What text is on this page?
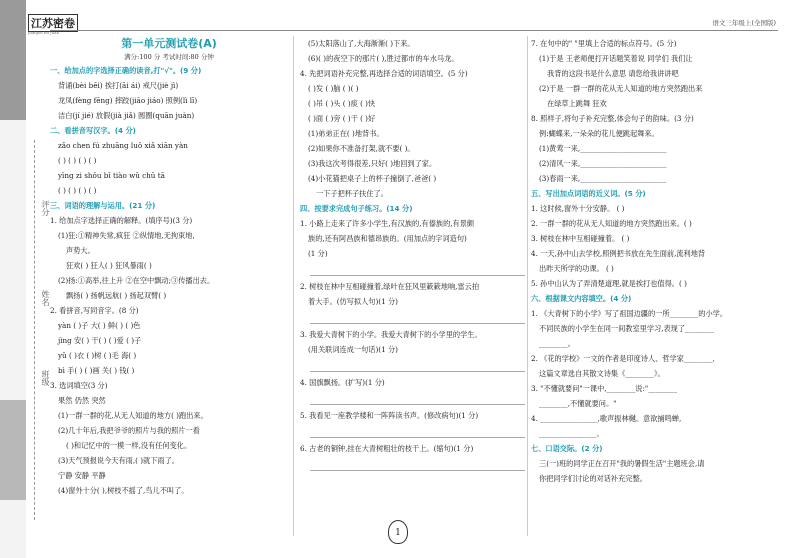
评分
姓名
班级
江苏密卷
jiangsu mi juan
语文三年级上(全国版)
第一单元测试卷(A)
满分:100 分 考试时间:80 分钟
一、给加点的字选择正确的读音,打"√"。(9 分)
背诵(bèi bēi) 挨打(āi ái) 戒尺(jiè jì)
龙凤(fèng fēng) 摔跤(jiāo jiáo) 照例(lì lī)
洁白(jí jié) 放假(jià jiǎ) 圆圈(quān juàn)
二、看拼音写汉字。(4 分)
zǎo chen fú zhuāng luǒ xiǎ xiān yàn
( ) ( ) ( ) ( )
yīng zi shǒu bǐ tiào wǔ chū tā
( ) ( ) ( ) ( )
三、词语的理解与运用。(21 分)
1. 给加点字选择正确的解释。(填序号)(3 分)
(1)狂:①精神失常,疯狂 ②纵情地,无拘束地,
声势大。
狂欢( ) 狂人( ) 狂风暴雨( )
(2)扬:①高举,往上升 ②在空中飘动;③传播出去。
飘扬( ) 扬帆远航( ) 扬起双臂( )
2. 看拼音,写同音字。(8 分)
yàn ( )子 大( ) 鲜( ) ( )色
jìng 安( ) 干( ) ( )爱 ( )子
yǔ ( )衣 ( )树 ( )毛 海( )
bì 手( ) ( )画 关( ) 钱( )
3. 选词填空(3 分)
果然 仍然 突然
(1)一群一群的花,从无人知道的地方( )跑出来。
(2)几十年后,我把爷爷的照片与我的照片一看
( )和记忆中的一模一样,没有任何变化。
(3)天气预报说今天有雨,( )就下雨了。
宁静 安静 平静
(4)窗外十分( ),树枝不摇了,鸟儿不叫了。
(5)太阳落山了,大海渐渐( )下来。
(6)( )的夜空下的那片( ),胜过都市的车水马龙。
4. 先把词语补充完整,再选择合适的词语填空。(5 分)
( )发 ( )脑 ( )( )
( )吊 ( )头 ( )痰 ( )快
( )面 ( )旁 ( )干 ( )好
(1)弟弟正在( )地背书。
(2)如果你不准备打架,就不要( )。
(3)我这次考得很差,只好( )地回到了家。
(4)小花猫把桌子上的杯子撞倒了,爸爸( )
一下子把杯子扶住了。
四、按要求完成句子练习。(14 分)
1. 小路上走来了许多小学生,有汉族的,有傣族的,有景颇
族的,还有阿昌族和德昂族的。(用加点的字词造句)
(1 分)
2. 树枝在林中互相碰撞着,绿叶在狂风里簌簌地响,雷云拍
着大手。(仿写拟人句)(1 分)
3. 我爱大青树下的小学。我爱大青树下的小学里的学生。
(用关联词连成一句话)(1 分)
4. 国旗飘扬。(扩写)(1 分)
5. 我看见一座教学楼和一阵阵读书声。(修改病句)(1 分)
6. 古老的铜钟,挂在大青树粗壮的枝干上。(缩句)(1 分)
7. 在句中的" "里填上合适的标点符号。(5 分)
(1)于是 王老师便打开话题笑着说 同学们 我们让
我背的这段书是什么意思 请您给我讲讲吧
(2)于是 一群一群的花从无人知道的地方突然跑出来
在绿草上跳舞 狂欢
8. 照样子,将句子补充完整,体会句子的韵味。(3 分)
例:蝴蝶来,一朵朵的花儿便跳起舞来。
(1)黄莺一来,________________________
(2)清风一来,________________________
(3)春雨一来,________________________
五、写出加点词语的近义词。(5 分)
1. 这时候,窗外十分安静。 ( )
2. 一群一群的花从无人知道的地方突然跑出来。( )
3. 树枝在林中互相碰撞着。 ( )
4. 一天,孙中山去学校,照例把书放在先生面前,流利地背
出昨天所学的功课。 ( )
5. 孙中山认为了弄清楚道理,就是挨打也值得。( )
六、根据课文内容填空。(4 分)
1. 《大青树下的小学》写了祖国边疆的一所________的小学。
不同民族的小学生在同一间教室里学习,表现了________
________。
2. 《花的学校》一文的作者是印度诗人、哲学家________,
这篇文章选自其散文诗集《________》。
3. "不懂就要问"一课中,________说:"________
________,不懂就要问。"
4. ________________,歌声振林樾。意欲捕鸣蝉,
________________。
七、口语交际。(2 分)
三(一)班的同学正在召开"我的暑假生活"主题班会,请
你把同学们讨论的对话补充完整。
1
